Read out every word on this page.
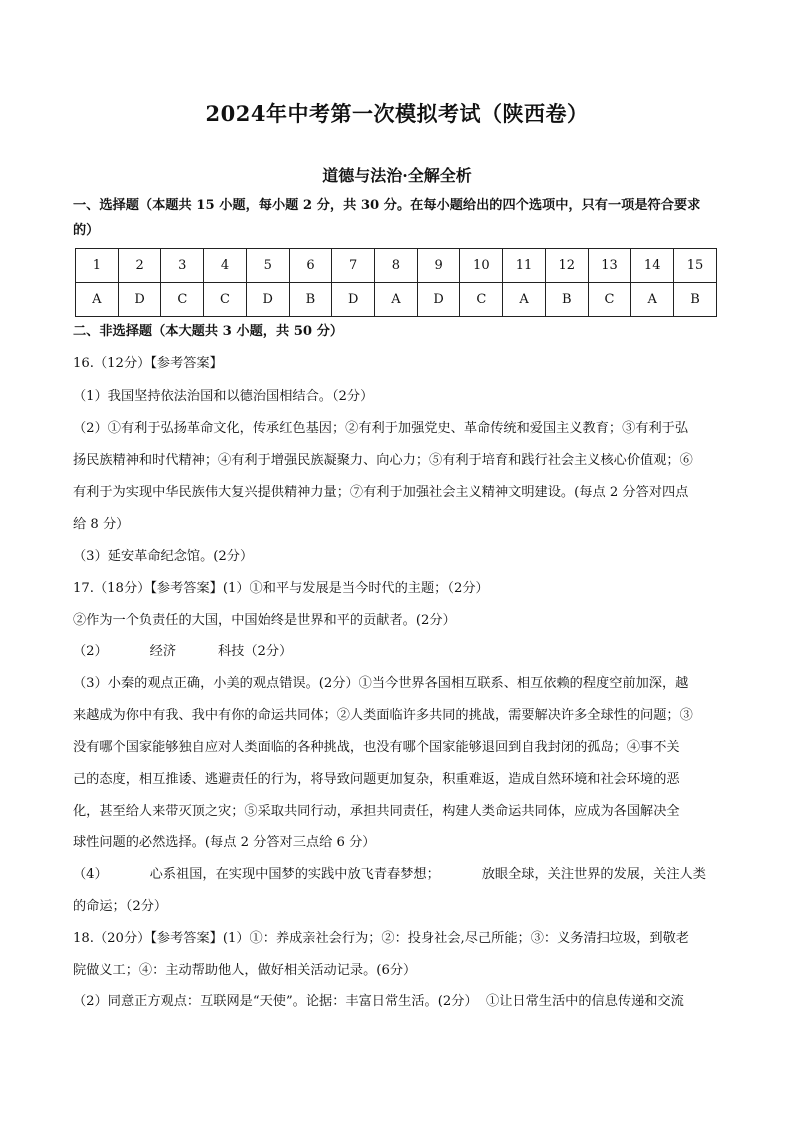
2024年中考第一次模拟考试（陕西卷）
道德与法治·全解全析
一、选择题（本题共 15 小题，每小题 2 分，共 30 分。在每小题给出的四个选项中，只有一项是符合要求
的）
1	2	3	4	5	6	7	8	9	10	11	12	13	14	15
A	D	C	C	D	B	D	A	D	C	A	B	C	A	B
二、非选择题（本大题共 3 小题，共 50 分）
16.（12分）【参考答案】
（1）我国坚持依法治国和以德治国相结合。（2分）
（2）①有利于弘扬革命文化，传承红色基因；②有利于加强党史、革命传统和爱国主义教育；③有利于弘
扬民族精神和时代精神；④有利于增强民族凝聚力、向心力；⑤有利于培育和践行社会主义核心价值观；⑥
有利于为实现中华民族伟大复兴提供精神力量；⑦有利于加强社会主义精神文明建设。(每点 2 分答对四点
给 8 分）
（3）延安革命纪念馆。(2分）
17.（18分）【参考答案】(1）①和平与发展是当今时代的主题；（2分）
②作为一个负责任的大国，中国始终是世界和平的贡献者。(2分）
（2）          经济          科技（2分）
（3）小秦的观点正确，小美的观点错误。(2分）①当今世界各国相互联系、相互依赖的程度空前加深，越
来越成为你中有我、我中有你的命运共同体；②人类面临许多共同的挑战，需要解决许多全球性的问题；③
没有哪个国家能够独自应对人类面临的各种挑战，也没有哪个国家能够退回到自我封闭的孤岛；④事不关
己的态度，相互推诿、逃避责任的行为，将导致问题更加复杂，积重难返，造成自然环境和社会环境的恶
化，甚至给人来带灭顶之灾；⑤采取共同行动，承担共同责任，构建人类命运共同体，应成为各国解决全
球性问题的必然选择。(每点 2 分答对三点给 6 分）
（4）          心系祖国，在实现中国梦的实践中放飞青春梦想；          放眼全球，关注世界的发展，关注人类
的命运；（2分）
18.（20分）【参考答案】(1）①：养成亲社会行为；②：投身社会,尽己所能；③：义务清扫垃圾，到敬老
院做义工；④：主动帮助他人，做好相关活动记录。(6分）
（2）同意正方观点：互联网是“天使”。论据：丰富日常生活。(2分）  ①让日常生活中的信息传递和交流
